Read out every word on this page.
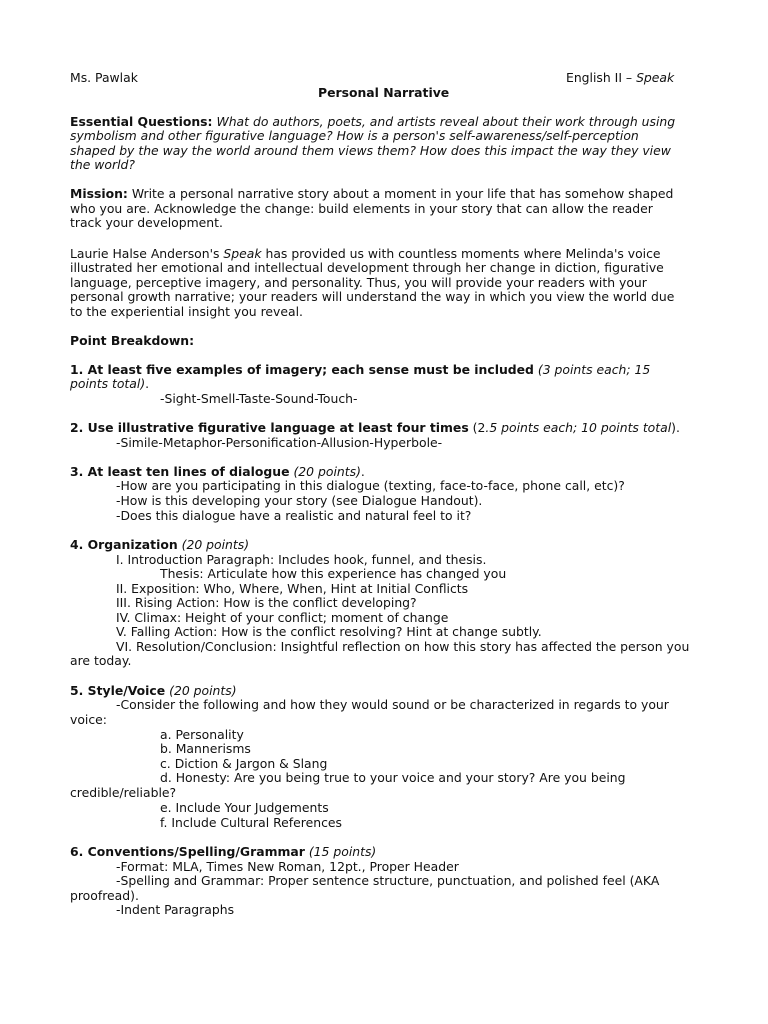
Ms. Pawlak	English II – Speak
Personal Narrative
Essential Questions: What do authors, poets, and artists reveal about their work through using
symbolism and other figurative language? How is a person's self-awareness/self-perception
shaped by the way the world around them views them? How does this impact the way they view
the world?
Mission: Write a personal narrative story about a moment in your life that has somehow shaped
who you are. Acknowledge the change: build elements in your story that can allow the reader
track your development.
Laurie Halse Anderson's Speak has provided us with countless moments where Melinda's voice
illustrated her emotional and intellectual development through her change in diction, figurative
language, perceptive imagery, and personality. Thus, you will provide your readers with your
personal growth narrative; your readers will understand the way in which you view the world due
to the experiential insight you reveal.
Point Breakdown:
1. At least five examples of imagery; each sense must be included (3 points each; 15
points total).
-Sight-Smell-Taste-Sound-Touch-
2. Use illustrative figurative language at least four times (2.5 points each; 10 points total).
-Simile-Metaphor-Personification-Allusion-Hyperbole-
3. At least ten lines of dialogue (20 points).
-How are you participating in this dialogue (texting, face-to-face, phone call, etc)?
-How is this developing your story (see Dialogue Handout).
-Does this dialogue have a realistic and natural feel to it?
4. Organization (20 points)
I. Introduction Paragraph: Includes hook, funnel, and thesis.
Thesis: Articulate how this experience has changed you
II. Exposition: Who, Where, When, Hint at Initial Conflicts
III. Rising Action: How is the conflict developing?
IV. Climax: Height of your conflict; moment of change
V. Falling Action: How is the conflict resolving? Hint at change subtly.
VI. Resolution/Conclusion: Insightful reflection on how this story has affected the person you
are today.
5. Style/Voice (20 points)
-Consider the following and how they would sound or be characterized in regards to your
voice:
a. Personality
b. Mannerisms
c. Diction & Jargon & Slang
d. Honesty: Are you being true to your voice and your story? Are you being
credible/reliable?
e. Include Your Judgements
f. Include Cultural References
6. Conventions/Spelling/Grammar (15 points)
-Format: MLA, Times New Roman, 12pt., Proper Header
-Spelling and Grammar: Proper sentence structure, punctuation, and polished feel (AKA
proofread).
-Indent Paragraphs
